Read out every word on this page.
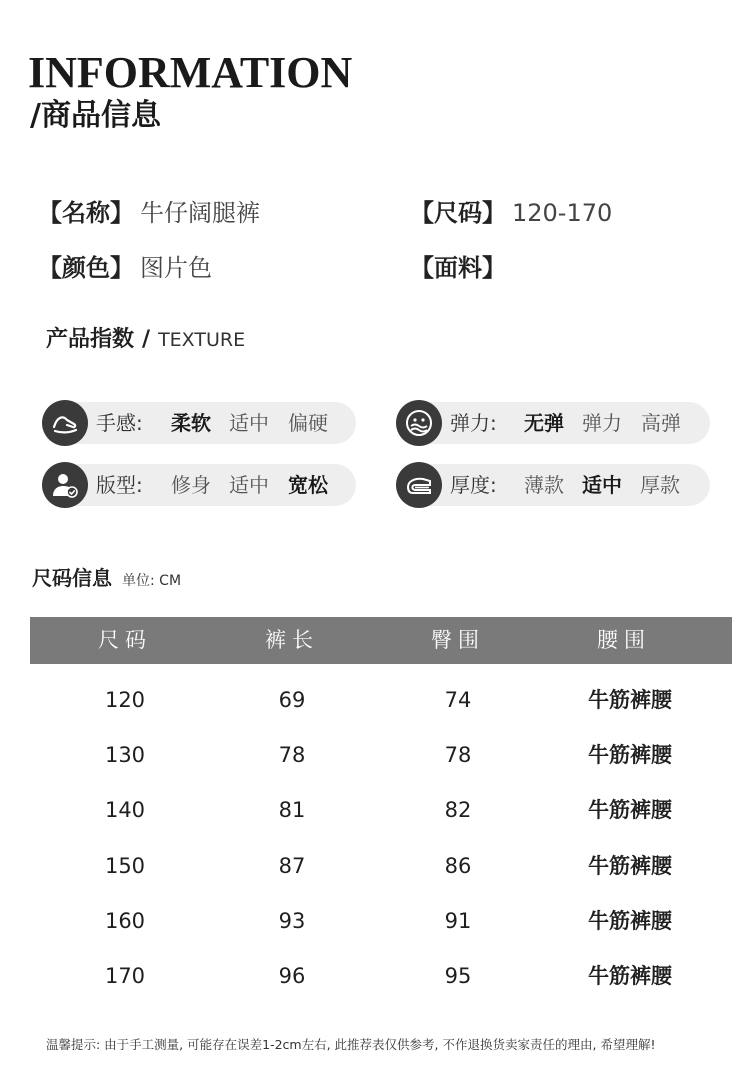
INFORMATION
/商品信息
【名称】 牛仔阔腿裤	【尺码】 120-170
【颜色】 图片色	【面料】
产品指数 / TEXTURE
手感: 柔软 适中 偏硬	弹力: 无弹 弹力 高弹
版型: 修身 适中 宽松	厚度: 薄款 适中 厚款
尺码信息 单位: CM
尺码	裤长	臀围	腰围
120	69	74	牛筋裤腰
130	78	78	牛筋裤腰
140	81	82	牛筋裤腰
150	87	86	牛筋裤腰
160	93	91	牛筋裤腰
170	96	95	牛筋裤腰
温馨提示: 由于手工测量, 可能存在误差1-2cm左右, 此推荐表仅供参考, 不作退换货卖家责任的理由, 希望理解!
